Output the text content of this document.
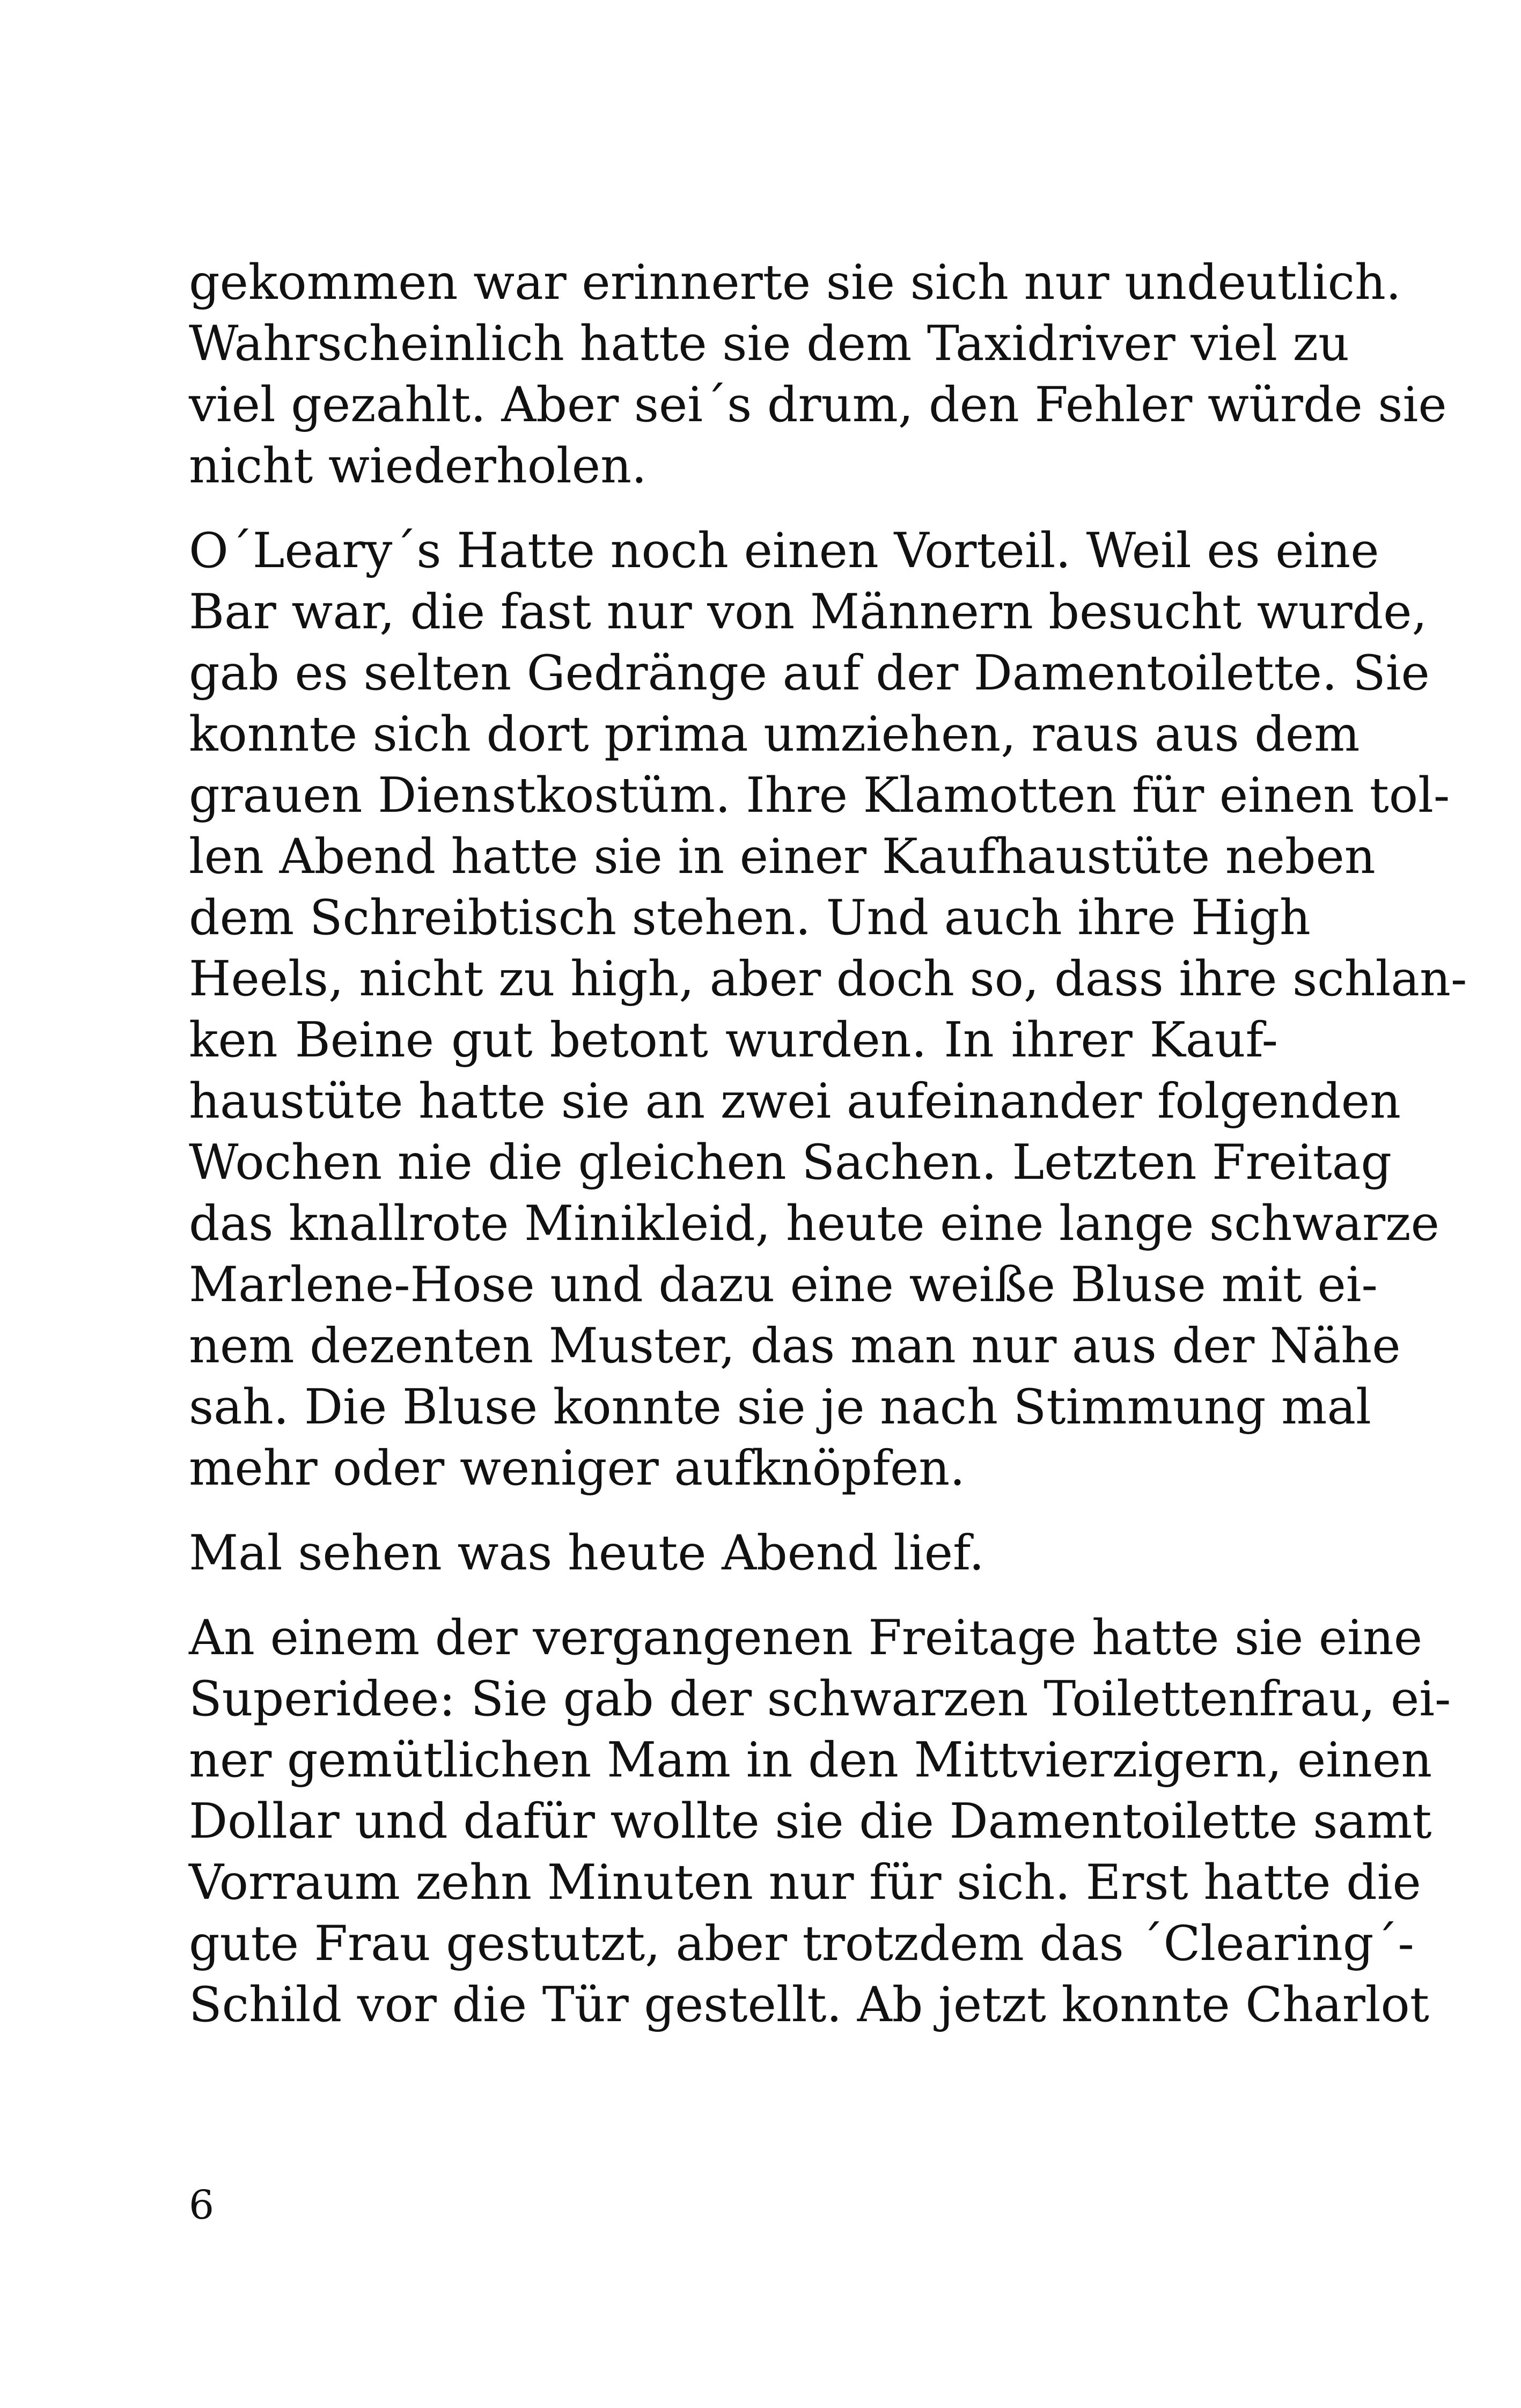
gekommen war erinnerte sie sich nur undeutlich.
Wahrscheinlich hatte sie dem Taxidriver viel zu
viel gezahlt. Aber sei´s drum, den Fehler würde sie
nicht wiederholen.

O´Leary´s Hatte noch einen Vorteil. Weil es eine
Bar war, die fast nur von Männern besucht wurde,
gab es selten Gedränge auf der Damentoilette. Sie
konnte sich dort prima umziehen, raus aus dem
grauen Dienstkostüm. Ihre Klamotten für einen tol-
len Abend hatte sie in einer Kaufhaustüte neben
dem Schreibtisch stehen. Und auch ihre High
Heels, nicht zu high, aber doch so, dass ihre schlan-
ken Beine gut betont wurden. In ihrer Kauf-
haustüte hatte sie an zwei aufeinander folgenden
Wochen nie die gleichen Sachen. Letzten Freitag
das knallrote Minikleid, heute eine lange schwarze
Marlene-Hose und dazu eine weiße Bluse mit ei-
nem dezenten Muster, das man nur aus der Nähe
sah. Die Bluse konnte sie je nach Stimmung mal
mehr oder weniger aufknöpfen.

Mal sehen was heute Abend lief.

An einem der vergangenen Freitage hatte sie eine
Superidee: Sie gab der schwarzen Toilettenfrau, ei-
ner gemütlichen Mam in den Mittvierzigern, einen
Dollar und dafür wollte sie die Damentoilette samt
Vorraum zehn Minuten nur für sich. Erst hatte die
gute Frau gestutzt, aber trotzdem das ´Clearing´-
Schild vor die Tür gestellt. Ab jetzt konnte Charlot

6
